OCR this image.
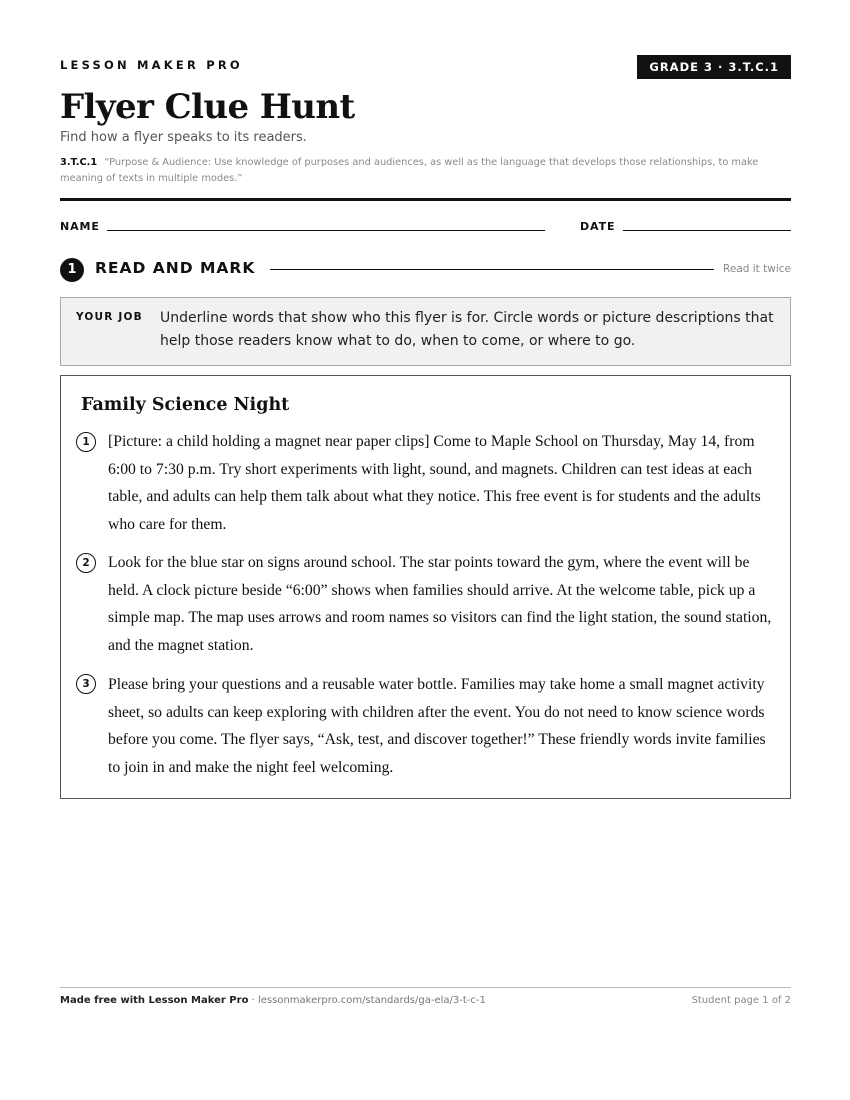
LESSON MAKER PRO	GRADE 3 · 3.T.C.1
Flyer Clue Hunt
Find how a flyer speaks to its readers.
3.T.C.1 “Purpose & Audience: Use knowledge of purposes and audiences, as well as the language that develops those relationships, to make meaning of texts in multiple modes.”
NAME	DATE
1	READ AND MARK	Read it twice
YOUR JOB Underline words that show who this flyer is for. Circle words or picture descriptions that help those readers know what to do, when to come, or where to go.
Family Science Night
1	[Picture: a child holding a magnet near paper clips] Come to Maple School on Thursday, May 14, from 6:00 to 7:30 p.m. Try short experiments with light, sound, and magnets. Children can test ideas at each table, and adults can help them talk about what they notice. This free event is for students and the adults who care for them.
2	Look for the blue star on signs around school. The star points toward the gym, where the event will be held. A clock picture beside “6:00” shows when families should arrive. At the welcome table, pick up a simple map. The map uses arrows and room names so visitors can find the light station, the sound station, and the magnet station.
3	Please bring your questions and a reusable water bottle. Families may take home a small magnet activity sheet, so adults can keep exploring with children after the event. You do not need to know science words before you come. The flyer says, “Ask, test, and discover together!” These friendly words invite families to join in and make the night feel welcoming.
Made free with Lesson Maker Pro · lessonmakerpro.com/standards/ga-ela/3-t-c-1	Student page 1 of 2
